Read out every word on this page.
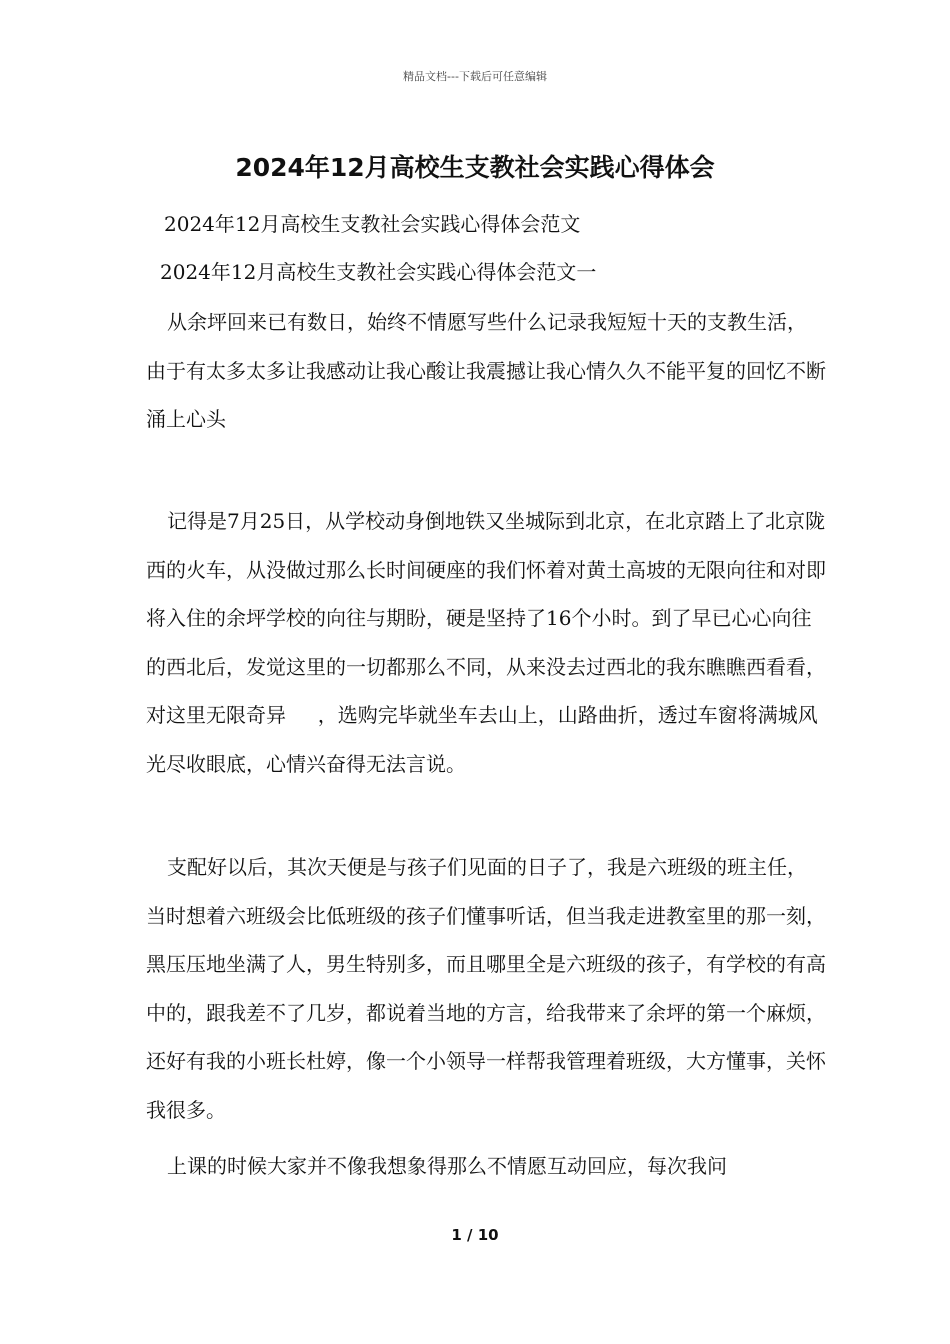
精品文档---下载后可任意编辑
2024年12月高校生支教社会实践心得体会
2024年12月高校生支教社会实践心得体会范文
2024年12月高校生支教社会实践心得体会范文一
从余坪回来已有数日，始终不情愿写些什么记录我短短十天的支教生活，由于有太多太多让我感动让我心酸让我震撼让我心情久久不能平复的回忆不断涌上心头
记得是7月25日，从学校动身倒地铁又坐城际到北京，在北京踏上了北京陇西的火车，从没做过那么长时间硬座的我们怀着对黄土高坡的无限向往和对即将入住的余坪学校的向往与期盼，硬是坚持了16个小时。到了早已心心向往的西北后，发觉这里的一切都那么不同，从来没去过西北的我东瞧瞧西看看，对这里无限奇异     ，选购完毕就坐车去山上，山路曲折，透过车窗将满城风光尽收眼底，心情兴奋得无法言说。
支配好以后，其次天便是与孩子们见面的日子了，我是六班级的班主任，当时想着六班级会比低班级的孩子们懂事听话，但当我走进教室里的那一刻，黑压压地坐满了人，男生特别多，而且哪里全是六班级的孩子，有学校的有高中的，跟我差不了几岁，都说着当地的方言，给我带来了余坪的第一个麻烦，还好有我的小班长杜婷，像一个小领导一样帮我管理着班级，大方懂事，关怀我很多。
上课的时候大家并不像我想象得那么不情愿互动回应，每次我问
1 / 10
